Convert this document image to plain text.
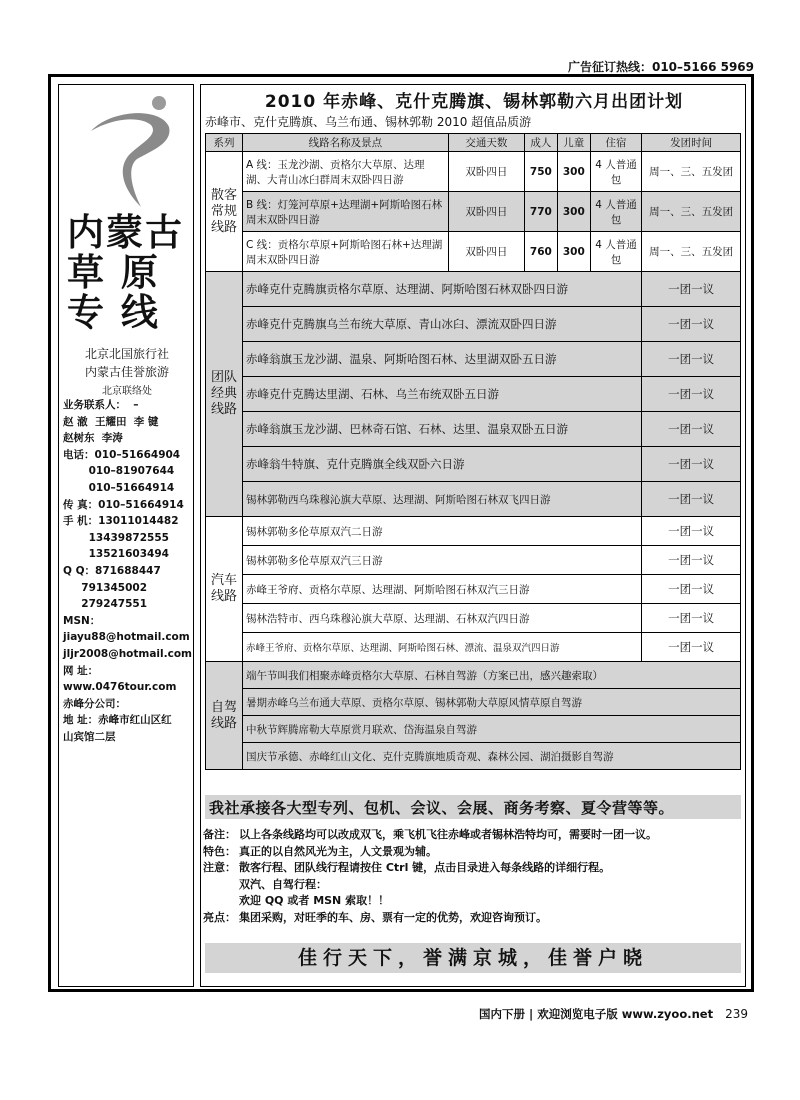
广告征订热线：010–5166 5969
内蒙古
草 原
专 线
北京北国旅行社
内蒙古佳誉旅游
北京联络处
业务联系人：  –
赵 澈  王耀田  李 键
赵树东  李涛
电话：010–51664904
010–81907644
010–51664914
传 真：010–51664914
手 机：13011014482
13439872555
13521603494
Q Q：871688447
791345002
279247551
MSN：
jiayu88@hotmail.com
jljr2008@hotmail.com
网 址：
www.0476tour.com
赤峰分公司：
地 址：赤峰市红山区红
山宾馆二层
2010 年赤峰、克什克腾旗、锡林郭勒六月出团计划
赤峰市、克什克腾旗、乌兰布通、锡林郭勒 2010 超值品质游
系列	线路名称及景点	交通天数	成人	儿童	住宿	发团时间
散客常规线路	A 线：玉龙沙湖、贡格尔大草原、达理湖、大青山冰臼群周末双卧四日游	双卧四日	750	300	4 人普通包	周一、三、五发团
	B 线：灯笼河草原+达理湖+阿斯哈图石林周末双卧四日游	双卧四日	770	300	4 人普通包	周一、三、五发团
	C 线：贡格尔草原+阿斯哈图石林+达理湖周末双卧四日游	双卧四日	760	300	4 人普通包	周一、三、五发团
团队经典线路	赤峰克什克腾旗贡格尔草原、达理湖、阿斯哈图石林双卧四日游					一团一议
	赤峰克什克腾旗乌兰布统大草原、青山冰臼、漂流双卧四日游					一团一议
	赤峰翁旗玉龙沙湖、温泉、阿斯哈图石林、达里湖双卧五日游					一团一议
	赤峰克什克腾达里湖、石林、乌兰布统双卧五日游					一团一议
	赤峰翁旗玉龙沙湖、巴林奇石馆、石林、达里、温泉双卧五日游					一团一议
	赤峰翁牛特旗、克什克腾旗全线双卧六日游					一团一议
	锡林郭勒西乌珠穆沁旗大草原、达理湖、阿斯哈图石林双飞四日游					一团一议
汽车线路	锡林郭勒多伦草原双汽二日游					一团一议
	锡林郭勒多伦草原双汽三日游					一团一议
	赤峰王爷府、贡格尔草原、达理湖、阿斯哈图石林双汽三日游					一团一议
	锡林浩特市、西乌珠穆沁旗大草原、达理湖、石林双汽四日游					一团一议
	赤峰王爷府、贡格尔草原、达理湖、阿斯哈图石林、漂流、温泉双汽四日游					一团一议
自驾线路	端午节叫我们相聚赤峰贡格尔大草原、石林自驾游（方案已出，感兴趣索取）					
	暑期赤峰乌兰布通大草原、贡格尔草原、锡林郭勒大草原风情草原自驾游					
	中秋节辉腾席勒大草原赏月联欢、岱海温泉自驾游					
	国庆节承德、赤峰红山文化、克什克腾旗地质奇观、森林公园、湖泊摄影自驾游					
我社承接各大型专列、包机、会议、会展、商务考察、夏令营等等。
备注： 以上各条线路均可以改成双飞，乘飞机飞往赤峰或者锡林浩特均可，需要时一团一议。
特色： 真正的以自然风光为主，人文景观为辅。
注意： 散客行程、团队线行程请按住 Ctrl 键，点击目录进入每条线路的详细行程。
双汽、自驾行程：
欢迎 QQ 或者 MSN 索取！！
亮点： 集团采购，对旺季的车、房、票有一定的优势，欢迎咨询预订。
佳行天下，誉满京城，佳誉户晓
国内下册 | 欢迎浏览电子版 www.zyoo.net 239
